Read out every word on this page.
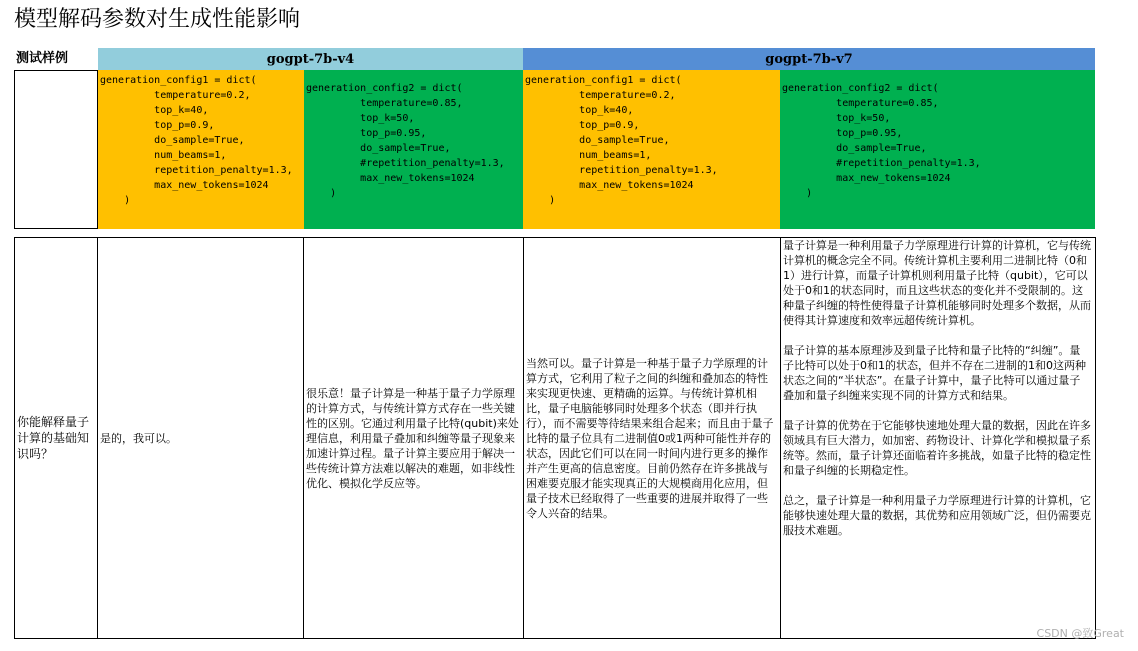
模型解码参数对生成性能影响
测试样例	gogpt-7b-v4	gogpt-7b-v7
generation_config1 = dict(
temperature=0.2,
top_k=40,
top_p=0.9,
do_sample=True,
num_beams=1,
repetition_penalty=1.3,
max_new_tokens=1024
)
generation_config2 = dict(
temperature=0.85,
top_k=50,
top_p=0.95,
do_sample=True,
#repetition_penalty=1.3,
max_new_tokens=1024
)
generation_config1 = dict(
temperature=0.2,
top_k=40,
top_p=0.9,
do_sample=True,
num_beams=1,
repetition_penalty=1.3,
max_new_tokens=1024
)
generation_config2 = dict(
temperature=0.85,
top_k=50,
top_p=0.95,
do_sample=True,
#repetition_penalty=1.3,
max_new_tokens=1024
)
你能解释量子计算的基础知识吗？
是的，我可以。
很乐意！量子计算是一种基于量子力学原理的计算方式，与传统计算方式存在一些关键性的区别。它通过利用量子比特(qubit)来处理信息，利用量子叠加和纠缠等量子现象来加速计算过程。量子计算主要应用于解决一些传统计算方法难以解决的难题，如非线性优化、模拟化学反应等。
当然可以。量子计算是一种基于量子力学原理的计算方式，它利用了粒子之间的纠缠和叠加态的特性来实现更快速、更精确的运算。与传统计算机相比，量子电脑能够同时处理多个状态（即并行执行），而不需要等待结果来组合起来；而且由于量子比特的量子位具有二进制值0或1两种可能性并存的状态，因此它们可以在同一时间内进行更多的操作并产生更高的信息密度。目前仍然存在许多挑战与困难要克服才能实现真正的大规模商用化应用，但量子技术已经取得了一些重要的进展并取得了一些令人兴奋的结果。

量子计算是一种利用量子力学原理进行计算的计算机，它与传统计算机的概念完全不同。传统计算机主要利用二进制比特（0和1）进行计算，而量子计算机则利用量子比特（qubit），它可以处于0和1的状态同时，而且这些状态的变化并不受限制的。这种量子纠缠的特性使得量子计算机能够同时处理多个数据，从而使得其计算速度和效率远超传统计算机。

量子计算的基本原理涉及到量子比特和量子比特的“纠缠”。量子比特可以处于0和1的状态，但并不存在二进制的1和0这两种状态之间的“半状态”。在量子计算中，量子比特可以通过量子叠加和量子纠缠来实现不同的计算方式和结果。

量子计算的优势在于它能够快速地处理大量的数据，因此在许多领域具有巨大潜力，如加密、药物设计、计算化学和模拟量子系统等。然而，量子计算还面临着许多挑战，如量子比特的稳定性和量子纠缠的长期稳定性。

总之，量子计算是一种利用量子力学原理进行计算的计算机，它能够快速处理大量的数据，其优势和应用领域广泛，但仍需要克服技术难题。

CSDN @致Great
